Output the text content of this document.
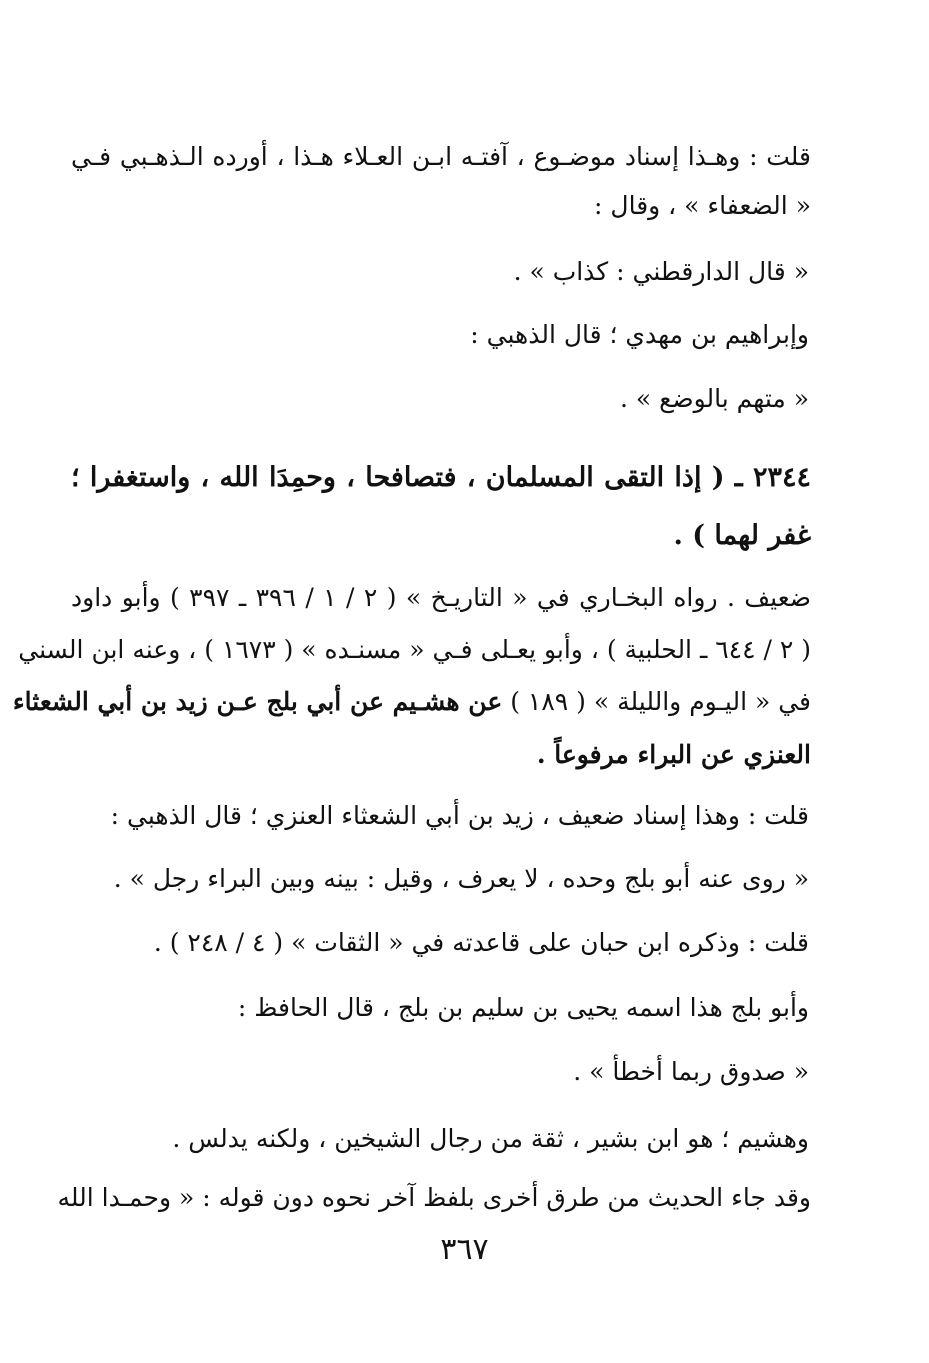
قلت : وهـذا إسناد موضـوع ، آفتـه ابـن العـلاء هـذا ، أورده الـذهـبي فـي
« الضعفاء » ، وقال :
« قال الدارقطني : كذاب » .
وإبراهيم بن مهدي ؛ قال الذهبي :
« متهم بالوضع » .
٢٣٤٤ ـ ( إذا التقى المسلمان ، فتصافحا ، وحمِدَا الله ، واستغفرا ؛
غفر لهما ) .
ضعيف . رواه البخـاري في « التاريـخ » ( ٢ / ١ / ٣٩٦ ـ ٣٩٧ ) وأبو داود
( ٢ / ٦٤٤ ـ الحلبية ) ، وأبو يعـلى فـي « مسنـده » ( ١٦٧٣ ) ، وعنه ابن السني
في « اليـوم والليلة » ( ١٨٩ ) عن هشـيم عن أبي بلج عـن زيد بن أبي الشعثاء
العنزي عن البراء مرفوعاً .
قلت : وهذا إسناد ضعيف ، زيد بن أبي الشعثاء العنزي ؛ قال الذهبي :
« روى عنه أبو بلج وحده ، لا يعرف ، وقيل : بينه وبين البراء رجل » .
قلت : وذكره ابن حبان على قاعدته في « الثقات » ( ٤ / ٢٤٨ ) .
وأبو بلج هذا اسمه يحيى بن سليم بن بلج ، قال الحافظ :
« صدوق ربما أخطأ » .
وهشيم ؛ هو ابن بشير ، ثقة من رجال الشيخين ، ولكنه يدلس .
وقد جاء الحديث من طرق أخرى بلفظ آخر نحوه دون قوله : « وحمـدا الله
٣٦٧
